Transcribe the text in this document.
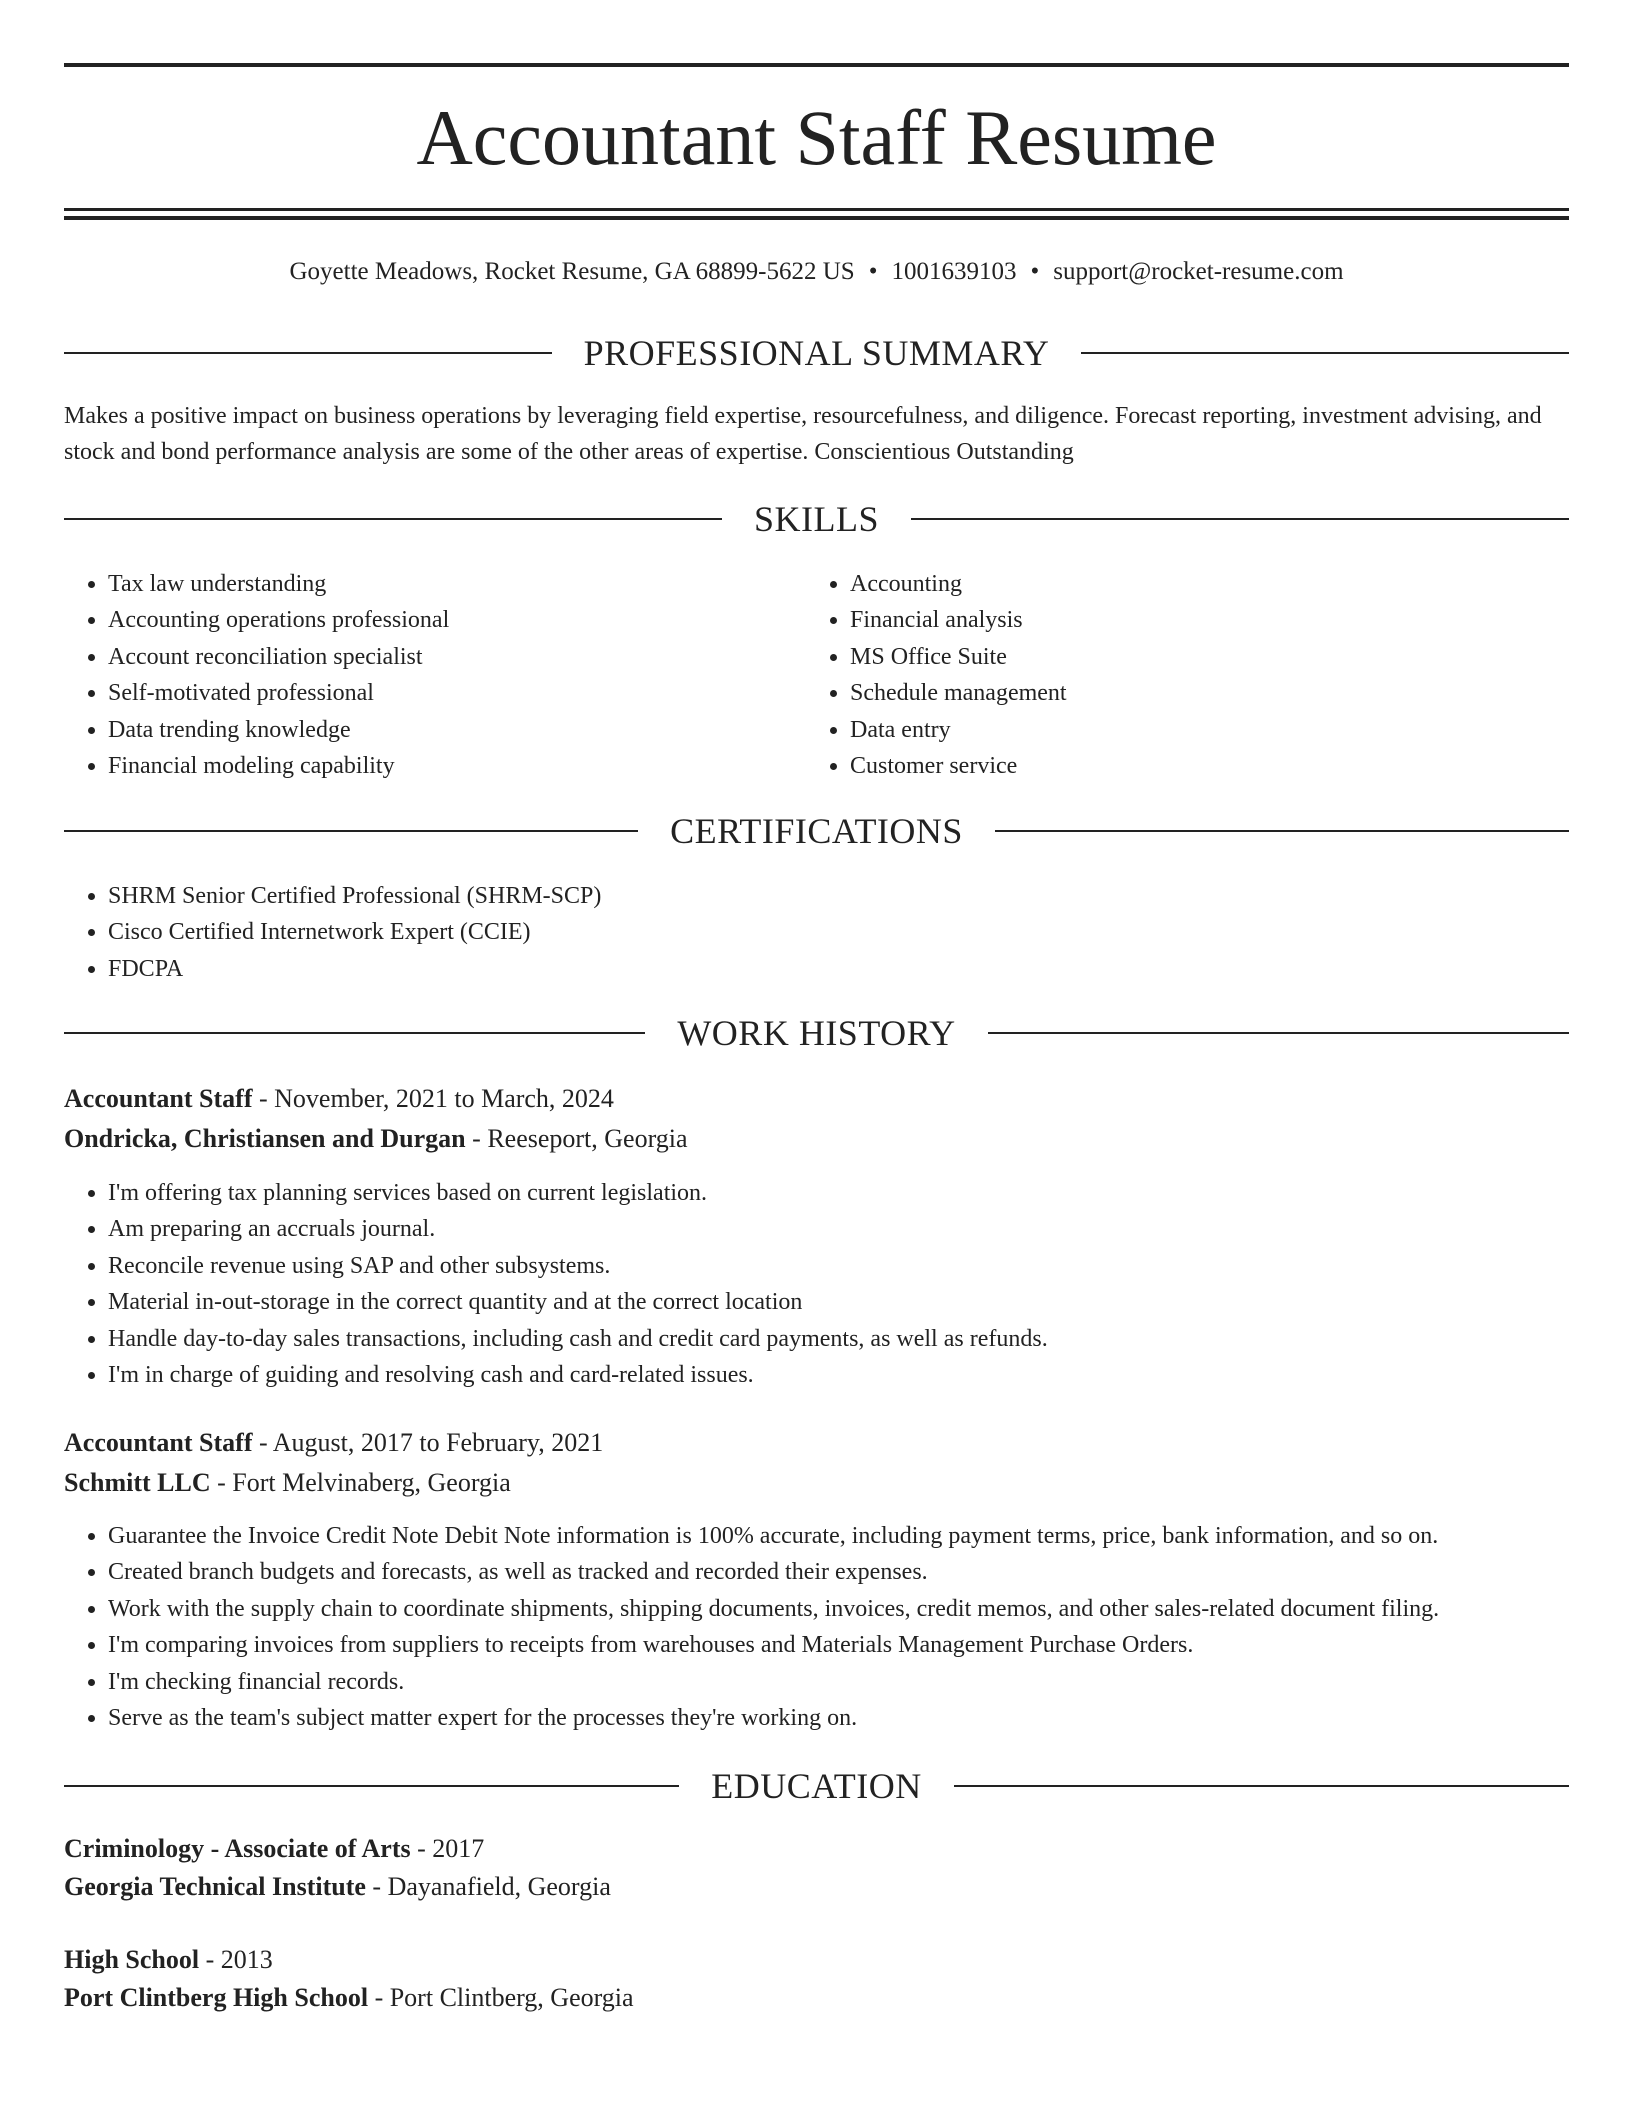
Accountant Staff Resume
Goyette Meadows, Rocket Resume, GA 68899-5622 US • 1001639103 • support@rocket-resume.com
PROFESSIONAL SUMMARY
Makes a positive impact on business operations by leveraging field expertise, resourcefulness, and diligence. Forecast reporting, investment advising, and stock and bond performance analysis are some of the other areas of expertise. Conscientious Outstanding
SKILLS
• Tax law understanding
• Accounting operations professional
• Account reconciliation specialist
• Self-motivated professional
• Data trending knowledge
• Financial modeling capability
• Accounting
• Financial analysis
• MS Office Suite
• Schedule management
• Data entry
• Customer service
CERTIFICATIONS
• SHRM Senior Certified Professional (SHRM-SCP)
• Cisco Certified Internetwork Expert (CCIE)
• FDCPA
WORK HISTORY
Accountant Staff - November, 2021 to March, 2024
Ondricka, Christiansen and Durgan - Reeseport, Georgia
• I'm offering tax planning services based on current legislation.
• Am preparing an accruals journal.
• Reconcile revenue using SAP and other subsystems.
• Material in-out-storage in the correct quantity and at the correct location
• Handle day-to-day sales transactions, including cash and credit card payments, as well as refunds.
• I'm in charge of guiding and resolving cash and card-related issues.
Accountant Staff - August, 2017 to February, 2021
Schmitt LLC - Fort Melvinaberg, Georgia
• Guarantee the Invoice Credit Note Debit Note information is 100% accurate, including payment terms, price, bank information, and so on.
• Created branch budgets and forecasts, as well as tracked and recorded their expenses.
• Work with the supply chain to coordinate shipments, shipping documents, invoices, credit memos, and other sales-related document filing.
• I'm comparing invoices from suppliers to receipts from warehouses and Materials Management Purchase Orders.
• I'm checking financial records.
• Serve as the team's subject matter expert for the processes they're working on.
EDUCATION
Criminology - Associate of Arts - 2017
Georgia Technical Institute - Dayanafield, Georgia
High School - 2013
Port Clintberg High School - Port Clintberg, Georgia
